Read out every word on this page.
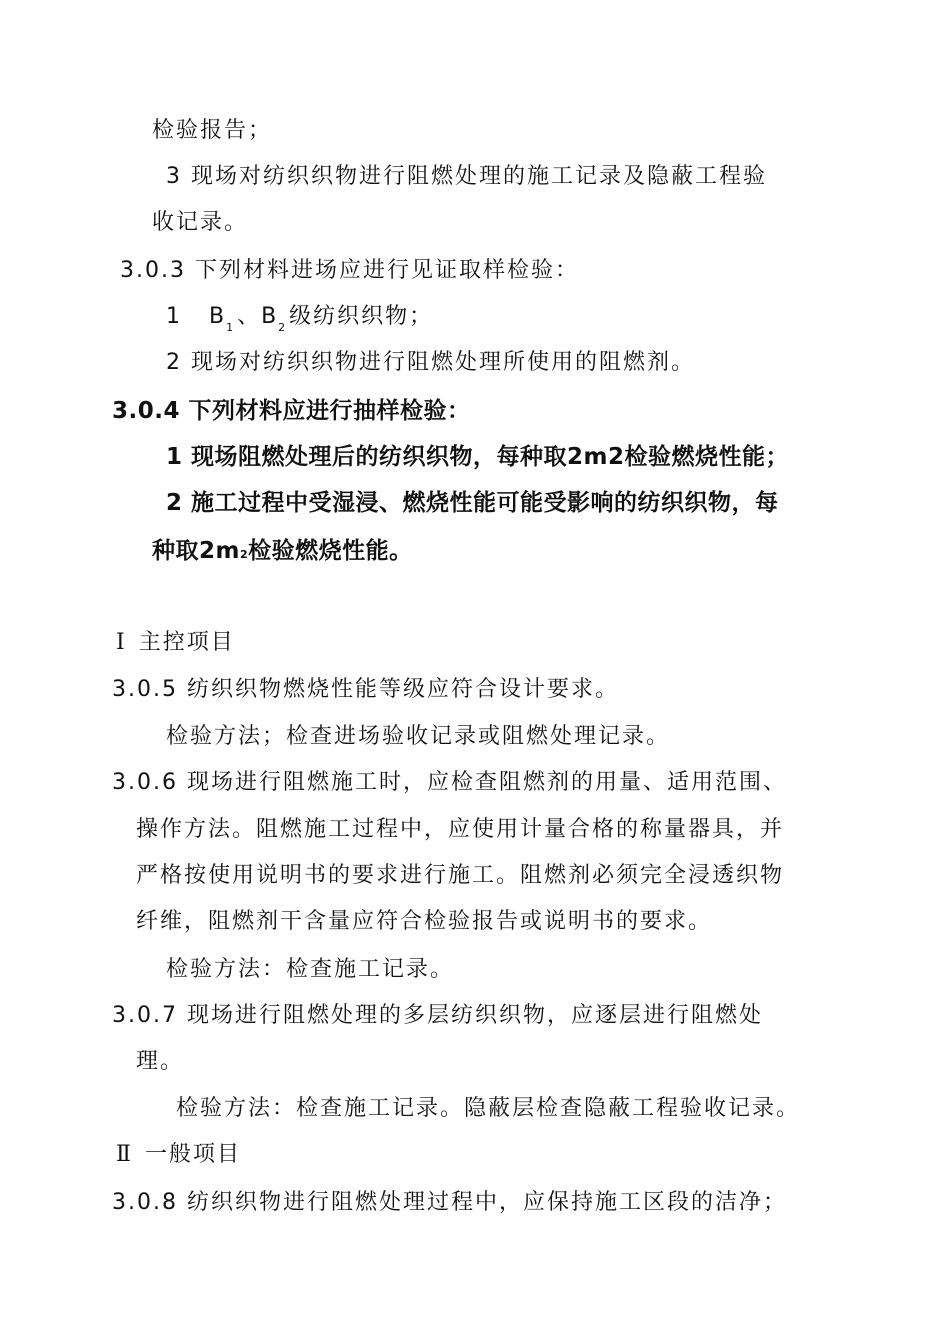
检验报告；
3 现场对纺织织物进行阻燃处理的施工记录及隐蔽工程验
收记录。
3.0.3 下列材料进场应进行见证取样检验：
1 $B_1$、$B_2$级纺织织物；
2 现场对纺织织物进行阻燃处理所使用的阻燃剂。
3.0.4 下列材料应进行抽样检验：
1 现场阻燃处理后的纺织织物，每种取2m2检验燃烧性能；
2 施工过程中受湿浸、燃烧性能可能受影响的纺织织物，每
种取2m2检验燃烧性能。
Ⅰ 主控项目
3.0.5 纺织织物燃烧性能等级应符合设计要求。
检验方法；检查进场验收记录或阻燃处理记录。
3.0.6 现场进行阻燃施工时，应检查阻燃剂的用量、适用范围、
操作方法。阻燃施工过程中，应使用计量合格的称量器具，并
严格按使用说明书的要求进行施工。阻燃剂必须完全浸透织物
纤维，阻燃剂干含量应符合检验报告或说明书的要求。
检验方法：检查施工记录。
3.0.7 现场进行阻燃处理的多层纺织织物，应逐层进行阻燃处
理。
检验方法：检查施工记录。隐蔽层检查隐蔽工程验收记录。
Ⅱ 一般项目
3.0.8 纺织织物进行阻燃处理过程中，应保持施工区段的洁净；
